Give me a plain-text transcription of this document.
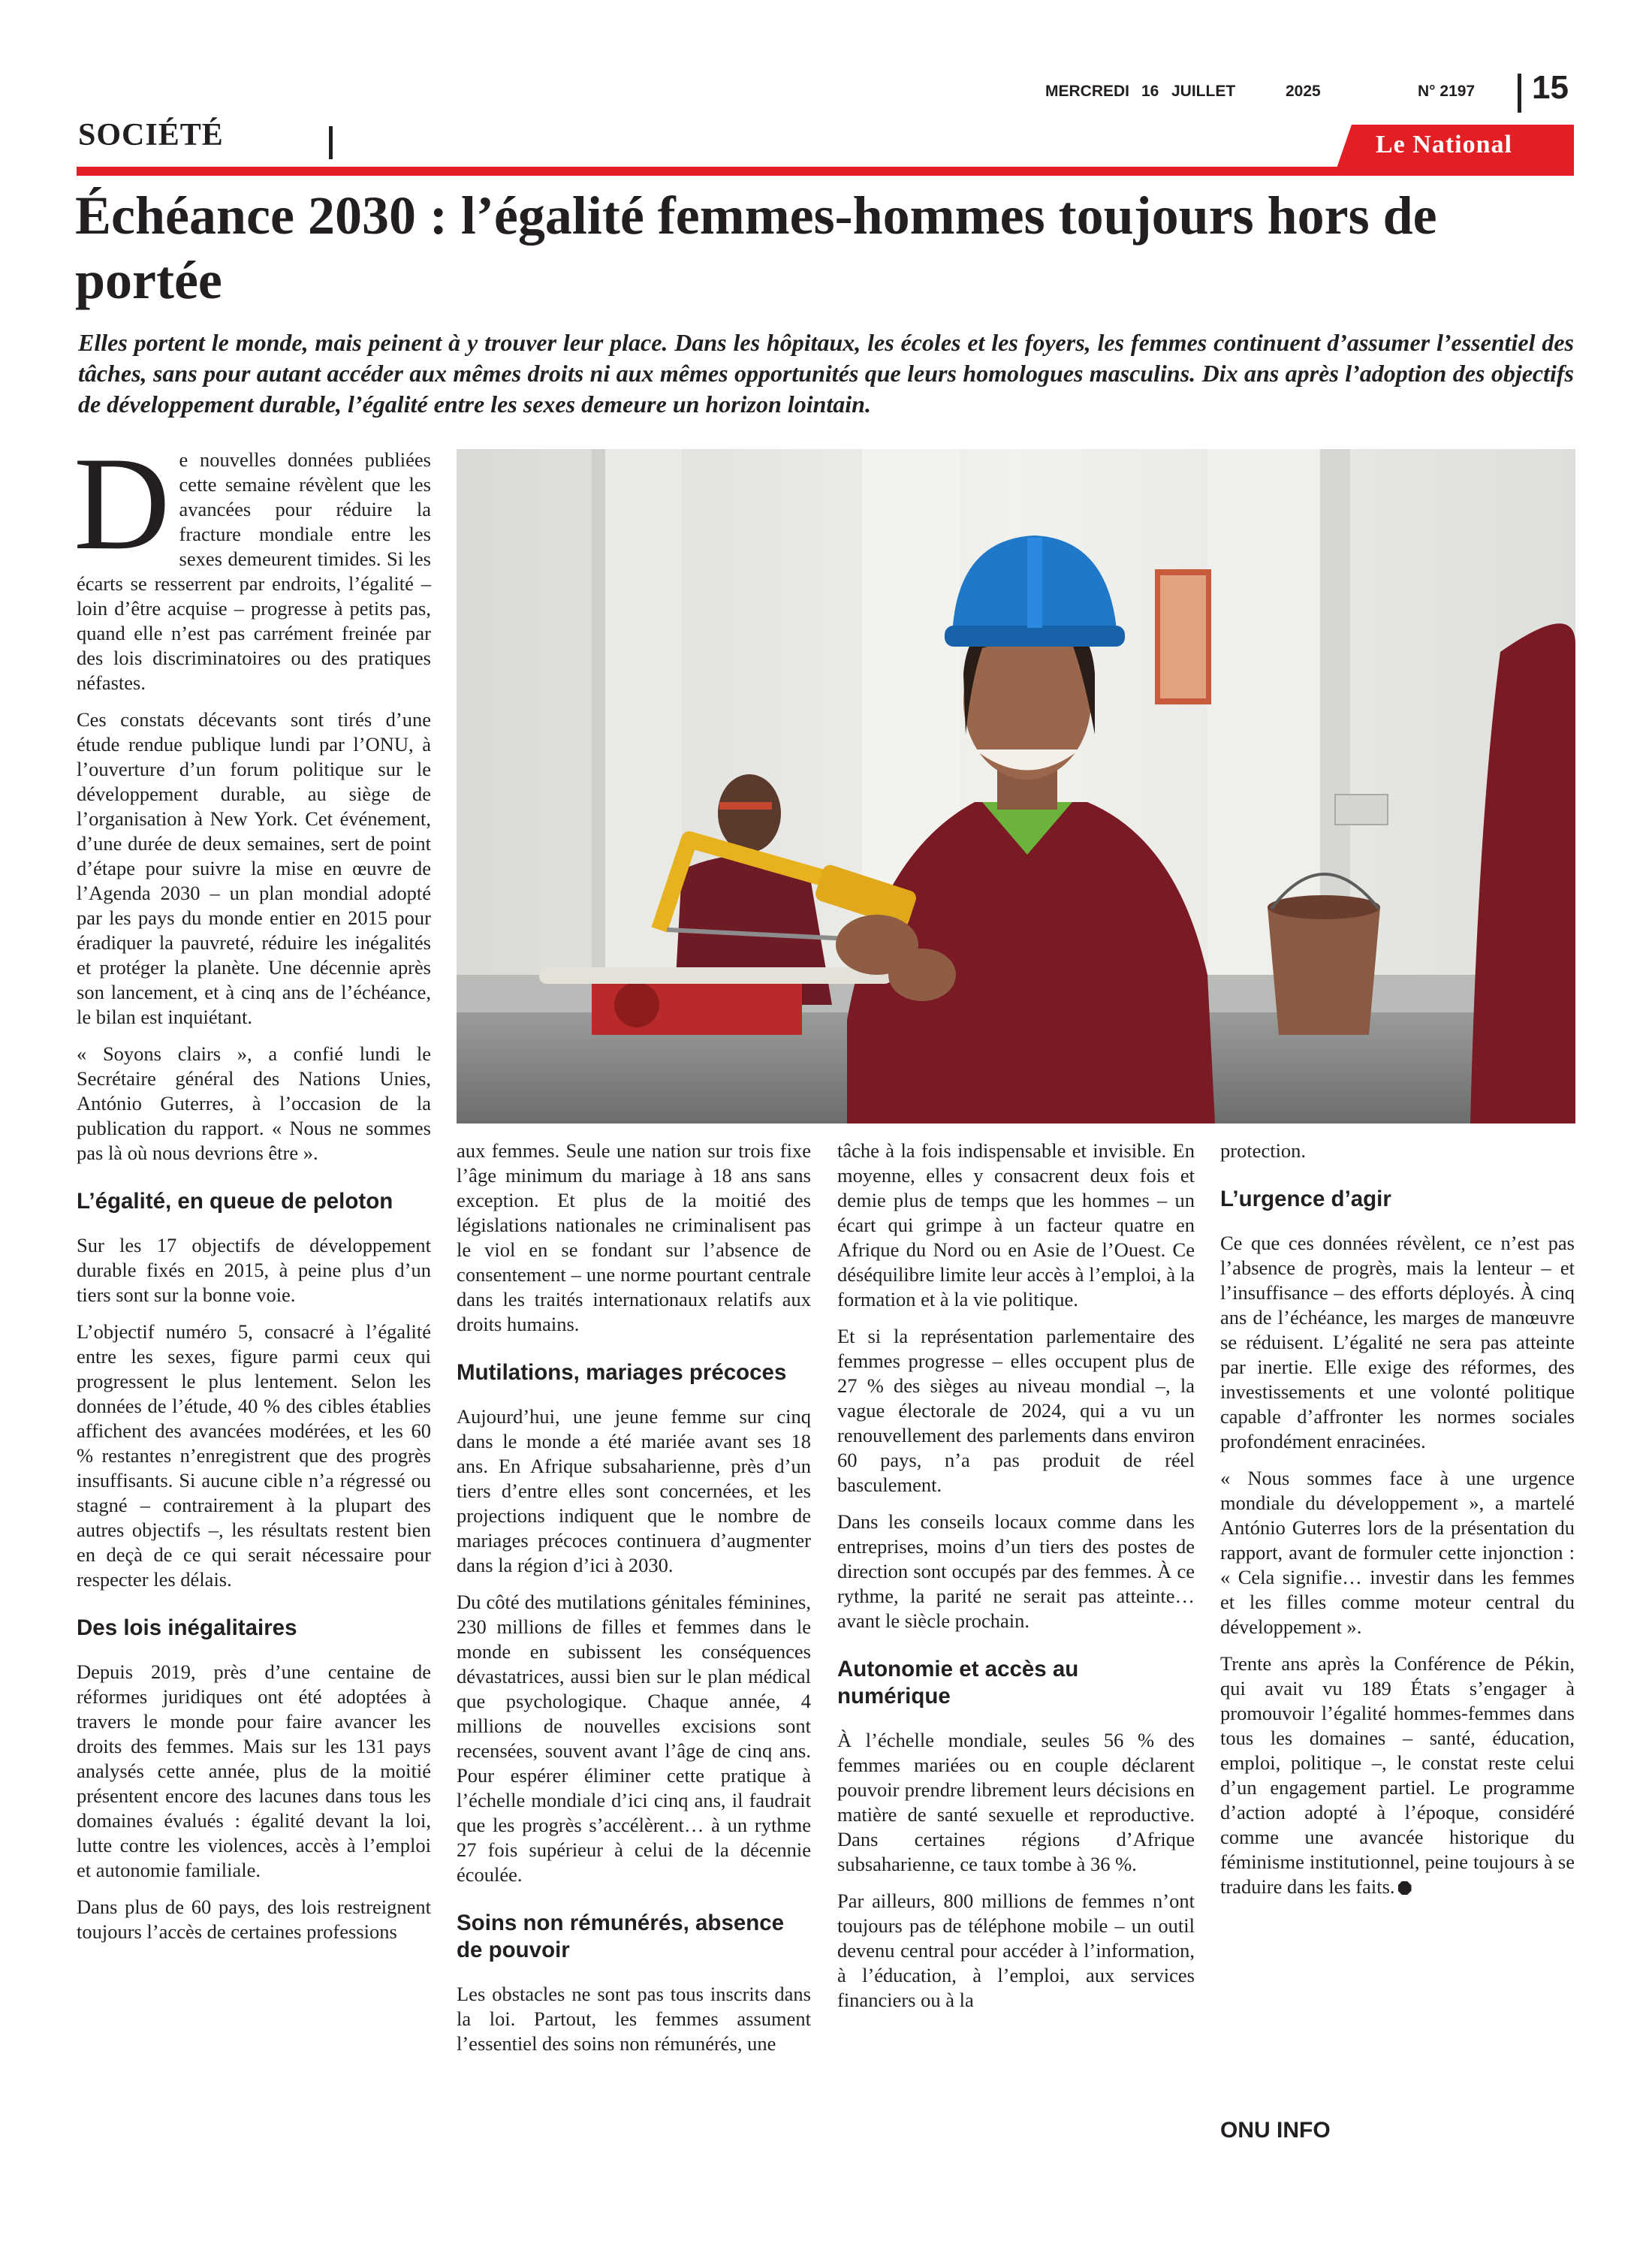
MERCREDI 16 JUILLET	2025	N° 2197 15
SOCIÉTÉ	Le National
Échéance 2030 : l’égalité femmes-hommes toujours hors de portée

Elles portent le monde, mais peinent à y trouver leur place. Dans les hôpitaux, les écoles et les foyers, les femmes continuent d’assumer l’essentiel des tâches, sans pour autant accéder aux mêmes droits ni aux mêmes opportunités que leurs homologues masculins. Dix ans après l’adoption des objectifs de développement durable, l’égalité entre les sexes demeure un horizon lointain.

De nouvelles données publiées cette semaine révèlent que les avancées pour réduire la fracture mondiale entre les sexes demeurent timides. Si les écarts se resserrent par endroits, l’égalité – loin d’être acquise – progresse à petits pas, quand elle n’est pas carrément freinée par des lois discriminatoires ou des pratiques néfastes.

Ces constats décevants sont tirés d’une étude rendue publique lundi par l’ONU, à l’ouverture d’un forum politique sur le développement durable, au siège de l’organisation à New York. Cet événement, d’une durée de deux semaines, sert de point d’étape pour suivre la mise en œuvre de l’Agenda 2030 – un plan mondial adopté par les pays du monde entier en 2015 pour éradiquer la pauvreté, réduire les inégalités et protéger la planète. Une décennie après son lancement, et à cinq ans de l’échéance, le bilan est inquiétant.

« Soyons clairs », a confié lundi le Secrétaire général des Nations Unies, António Guterres, à l’occasion de la publication du rapport. « Nous ne sommes pas là où nous devrions être ».

L’égalité, en queue de peloton

Sur les 17 objectifs de développement durable fixés en 2015, à peine plus d’un tiers sont sur la bonne voie.

L’objectif numéro 5, consacré à l’égalité entre les sexes, figure parmi ceux qui progressent le plus lentement. Selon les données de l’étude, 40 % des cibles établies affichent des avancées modérées, et les 60 % restantes n’enregistrent que des progrès insuffisants. Si aucune cible n’a régressé ou stagné – contrairement à la plupart des autres objectifs –, les résultats restent bien en deçà de ce qui serait nécessaire pour respecter les délais.

Des lois inégalitaires

Depuis 2019, près d’une centaine de réformes juridiques ont été adoptées à travers le monde pour faire avancer les droits des femmes. Mais sur les 131 pays analysés cette année, plus de la moitié présentent encore des lacunes dans tous les domaines évalués : égalité devant la loi, lutte contre les violences, accès à l’emploi et autonomie familiale.

Dans plus de 60 pays, des lois restreignent toujours l’accès de certaines professions

aux femmes. Seule une nation sur trois fixe l’âge minimum du mariage à 18 ans sans exception. Et plus de la moitié des législations nationales ne criminalisent pas le viol en se fondant sur l’absence de consentement – une norme pourtant centrale dans les traités internationaux relatifs aux droits humains.

Mutilations, mariages précoces

Aujourd’hui, une jeune femme sur cinq dans le monde a été mariée avant ses 18 ans. En Afrique subsaharienne, près d’un tiers d’entre elles sont concernées, et les projections indiquent que le nombre de mariages précoces continuera d’augmenter dans la région d’ici à 2030.

Du côté des mutilations génitales féminines, 230 millions de filles et femmes dans le monde en subissent les conséquences dévastatrices, aussi bien sur le plan médical que psychologique. Chaque année, 4 millions de nouvelles excisions sont recensées, souvent avant l’âge de cinq ans. Pour espérer éliminer cette pratique à l’échelle mondiale d’ici cinq ans, il faudrait que les progrès s’accélèrent… à un rythme 27 fois supérieur à celui de la décennie écoulée.

Soins non rémunérés, absence de pouvoir

Les obstacles ne sont pas tous inscrits dans la loi. Partout, les femmes assument l’essentiel des soins non rémunérés, une

tâche à la fois indispensable et invisible. En moyenne, elles y consacrent deux fois et demie plus de temps que les hommes – un écart qui grimpe à un facteur quatre en Afrique du Nord ou en Asie de l’Ouest. Ce déséquilibre limite leur accès à l’emploi, à la formation et à la vie politique.

Et si la représentation parlementaire des femmes progresse – elles occupent plus de 27 % des sièges au niveau mondial –, la vague électorale de 2024, qui a vu un renouvellement des parlements dans environ 60 pays, n’a pas produit de réel basculement.

Dans les conseils locaux comme dans les entreprises, moins d’un tiers des postes de direction sont occupés par des femmes. À ce rythme, la parité ne serait pas atteinte… avant le siècle prochain.

Autonomie et accès au numérique

À l’échelle mondiale, seules 56 % des femmes mariées ou en couple déclarent pouvoir prendre librement leurs décisions en matière de santé sexuelle et reproductive. Dans certaines régions d’Afrique subsaharienne, ce taux tombe à 36 %.

Par ailleurs, 800 millions de femmes n’ont toujours pas de téléphone mobile – un outil devenu central pour accéder à l’information, à l’éducation, à l’emploi, aux services financiers ou à la

protection.

L’urgence d’agir

Ce que ces données révèlent, ce n’est pas l’absence de progrès, mais la lenteur – et l’insuffisance – des efforts déployés. À cinq ans de l’échéance, les marges de manœuvre se réduisent. L’égalité ne sera pas atteinte par inertie. Elle exige des réformes, des investissements et une volonté politique capable d’affronter les normes sociales profondément enracinées.

« Nous sommes face à une urgence mondiale du développement », a martelé António Guterres lors de la présentation du rapport, avant de formuler cette injonction : « Cela signifie… investir dans les femmes et les filles comme moteur central du développement ».

Trente ans après la Conférence de Pékin, qui avait vu 189 États s’engager à promouvoir l’égalité hommes-femmes dans tous les domaines – santé, éducation, emploi, politique –, le constat reste celui d’un engagement partiel. Le programme d’action adopté à l’époque, considéré comme une avancée historique du féminisme institutionnel, peine toujours à se traduire dans les faits.

ONU INFO
